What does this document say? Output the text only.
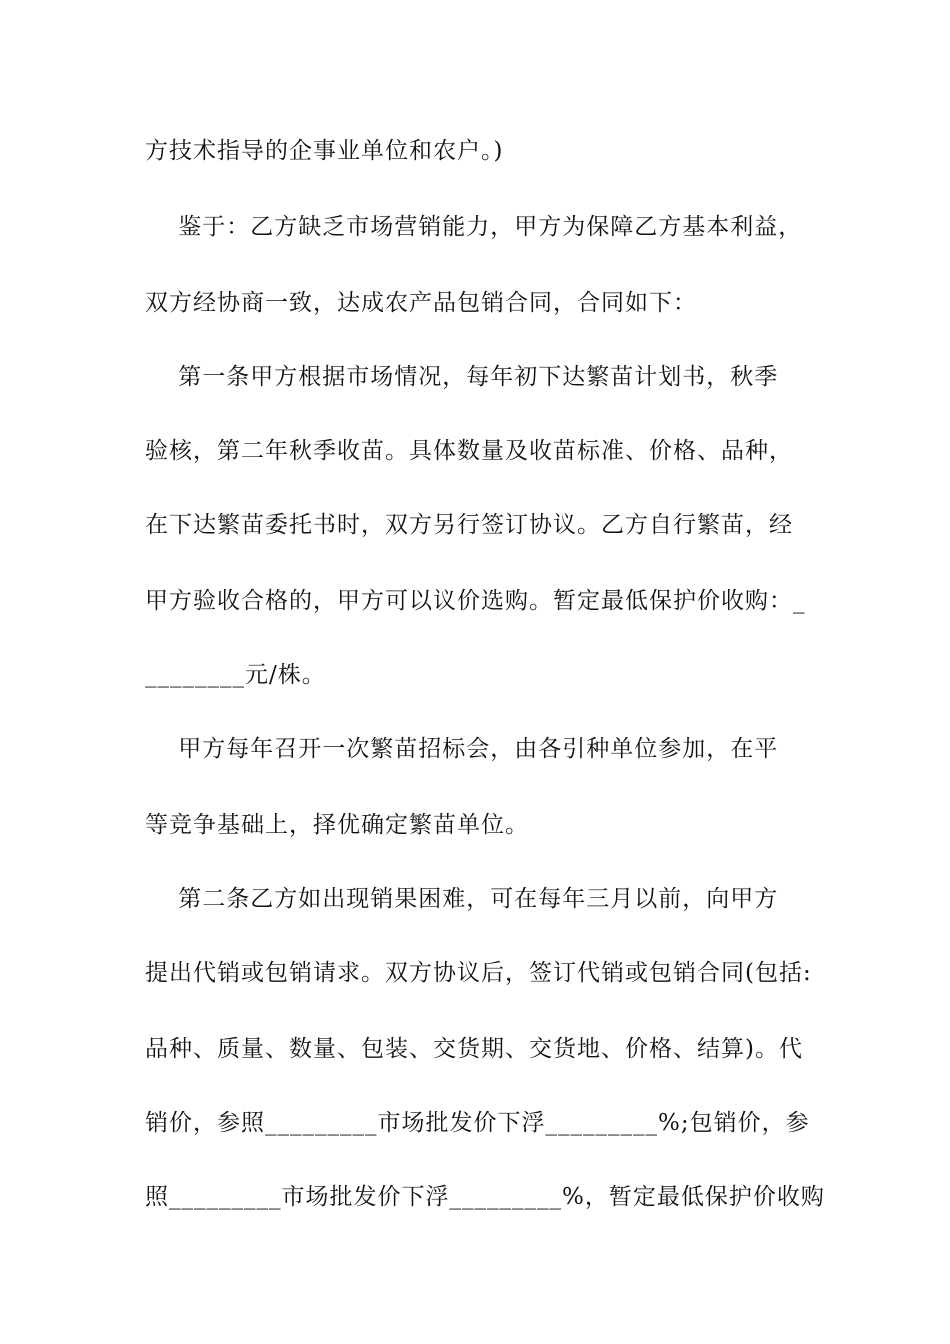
方技术指导的企事业单位和农户。)
鉴于：乙方缺乏市场营销能力，甲方为保障乙方基本利益，
双方经协商一致，达成农产品包销合同，合同如下：
第一条甲方根据市场情况，每年初下达繁苗计划书，秋季
验核，第二年秋季收苗。具体数量及收苗标准、价格、品种，
在下达繁苗委托书时，双方另行签订协议。乙方自行繁苗，经
甲方验收合格的，甲方可以议价选购。暂定最低保护价收购：_
________元/株。
甲方每年召开一次繁苗招标会，由各引种单位参加，在平
等竞争基础上，择优确定繁苗单位。
第二条乙方如出现销果困难，可在每年三月以前，向甲方
提出代销或包销请求。双方协议后，签订代销或包销合同(包括:
品种、质量、数量、包装、交货期、交货地、价格、结算)。代
销价，参照_________市场批发价下浮_________%;包销价，参
照_________市场批发价下浮_________%，暂定最低保护价收购
